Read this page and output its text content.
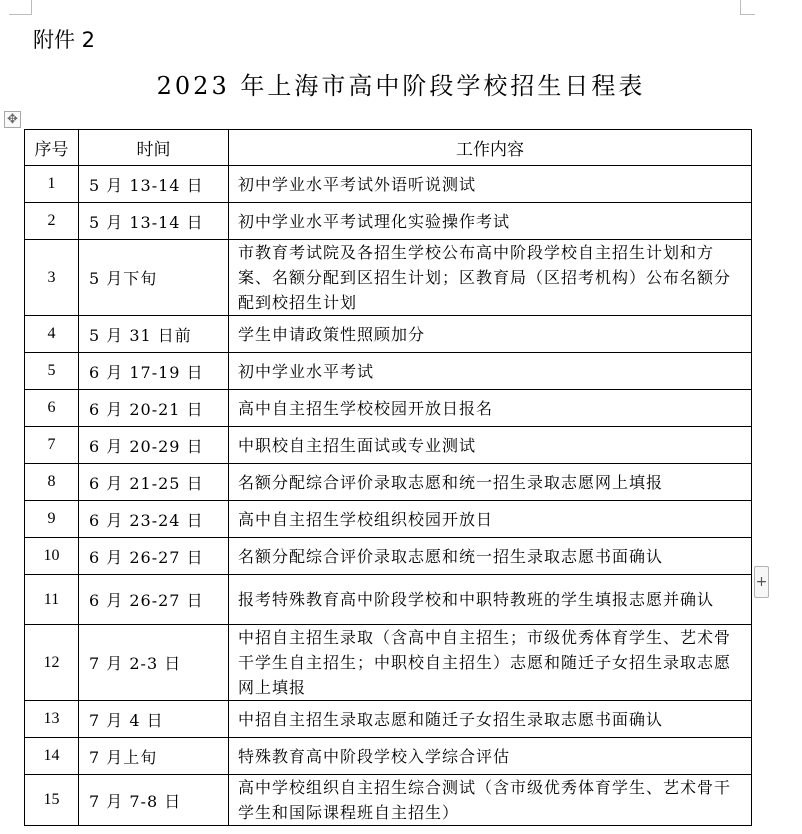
附件 2
2023 年上海市高中阶段学校招生日程表
✥
序号	时间	工作内容
1	5 月 13-14 日	初中学业水平考试外语听说测试
2	5 月 13-14 日	初中学业水平考试理化实验操作考试
3	5 月下旬	市教育考试院及各招生学校公布高中阶段学校自主招生计划和方案、名额分配到区招生计划；区教育局（区招考机构）公布名额分配到校招生计划
4	5 月 31 日前	学生申请政策性照顾加分
5	6 月 17-19 日	初中学业水平考试
6	6 月 20-21 日	高中自主招生学校校园开放日报名
7	6 月 20-29 日	中职校自主招生面试或专业测试
8	6 月 21-25 日	名额分配综合评价录取志愿和统一招生录取志愿网上填报
9	6 月 23-24 日	高中自主招生学校组织校园开放日
10	6 月 26-27 日	名额分配综合评价录取志愿和统一招生录取志愿书面确认
11	6 月 26-27 日	报考特殊教育高中阶段学校和中职特教班的学生填报志愿并确认
12	7 月 2-3 日	中招自主招生录取（含高中自主招生；市级优秀体育学生、艺术骨干学生自主招生；中职校自主招生）志愿和随迁子女招生录取志愿网上填报
13	7 月 4 日	中招自主招生录取志愿和随迁子女招生录取志愿书面确认
14	7 月上旬	特殊教育高中阶段学校入学综合评估
15	7 月 7-8 日	高中学校组织自主招生综合测试（含市级优秀体育学生、艺术骨干学生和国际课程班自主招生）
+
